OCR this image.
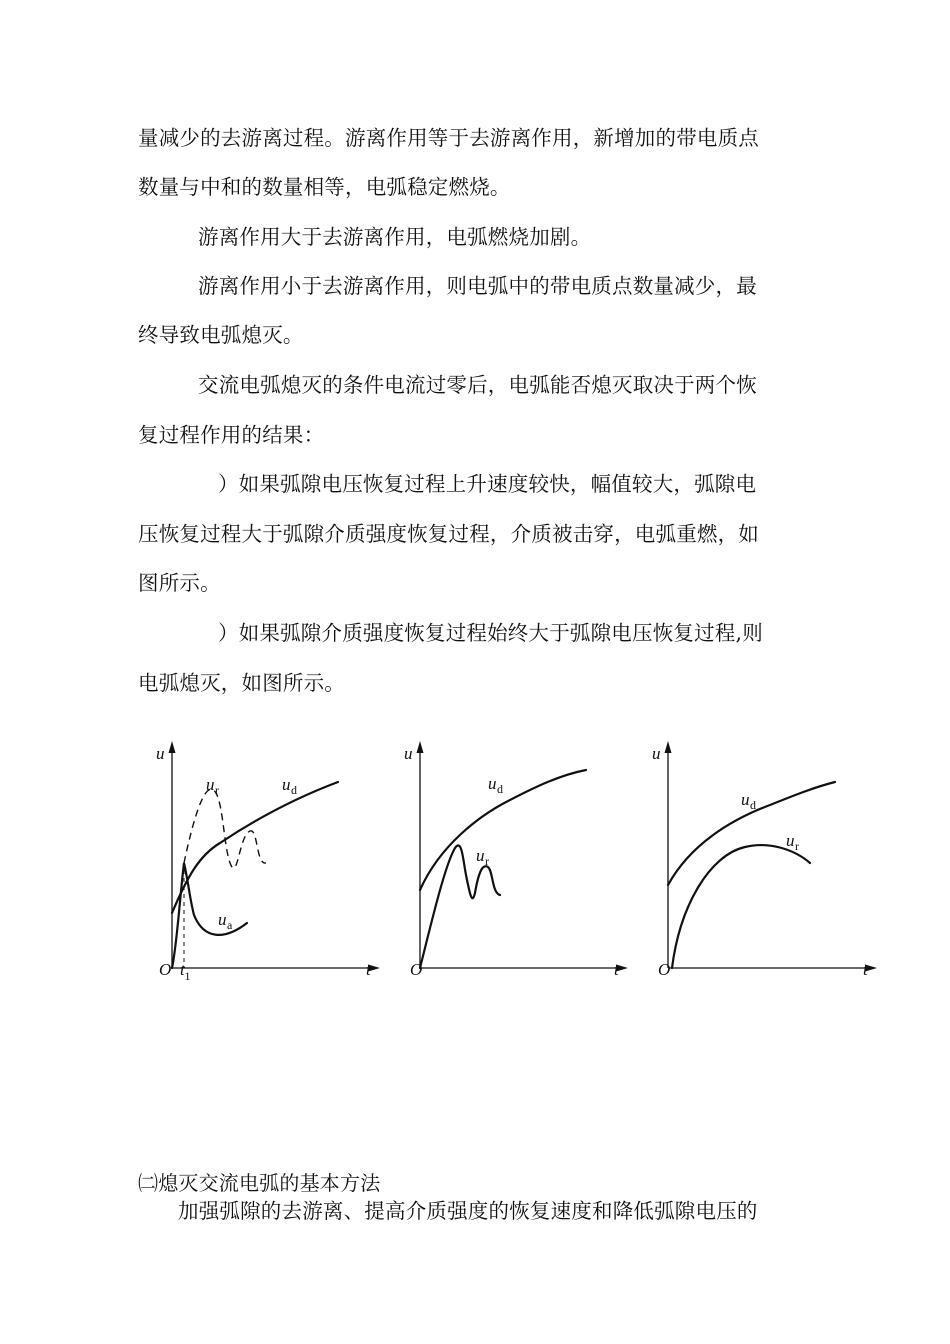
量减少的去游离过程。游离作用等于去游离作用，新增加的带电质点
数量与中和的数量相等，电弧稳定燃烧。
游离作用大于去游离作用，电弧燃烧加剧。
游离作用小于去游离作用，则电弧中的带电质点数量减少，最
终导致电弧熄灭。
交流电弧熄灭的条件电流过零后，电弧能否熄灭取决于两个恢
复过程作用的结果：
）如果弧隙电压恢复过程上升速度较快，幅值较大，弧隙电
压恢复过程大于弧隙介质强度恢复过程，介质被击穿，电弧重燃，如
图所示。
）如果弧隙介质强度恢复过程始终大于弧隙电压恢复过程,则
电弧熄灭，如图所示。
u
t
O t 1
u d
u r
u a
u
t
O
u d
u r
u
t
O
u d
u r
㈡熄灭交流电弧的基本方法
加强弧隙的去游离、提高介质强度的恢复速度和降低弧隙电压的
